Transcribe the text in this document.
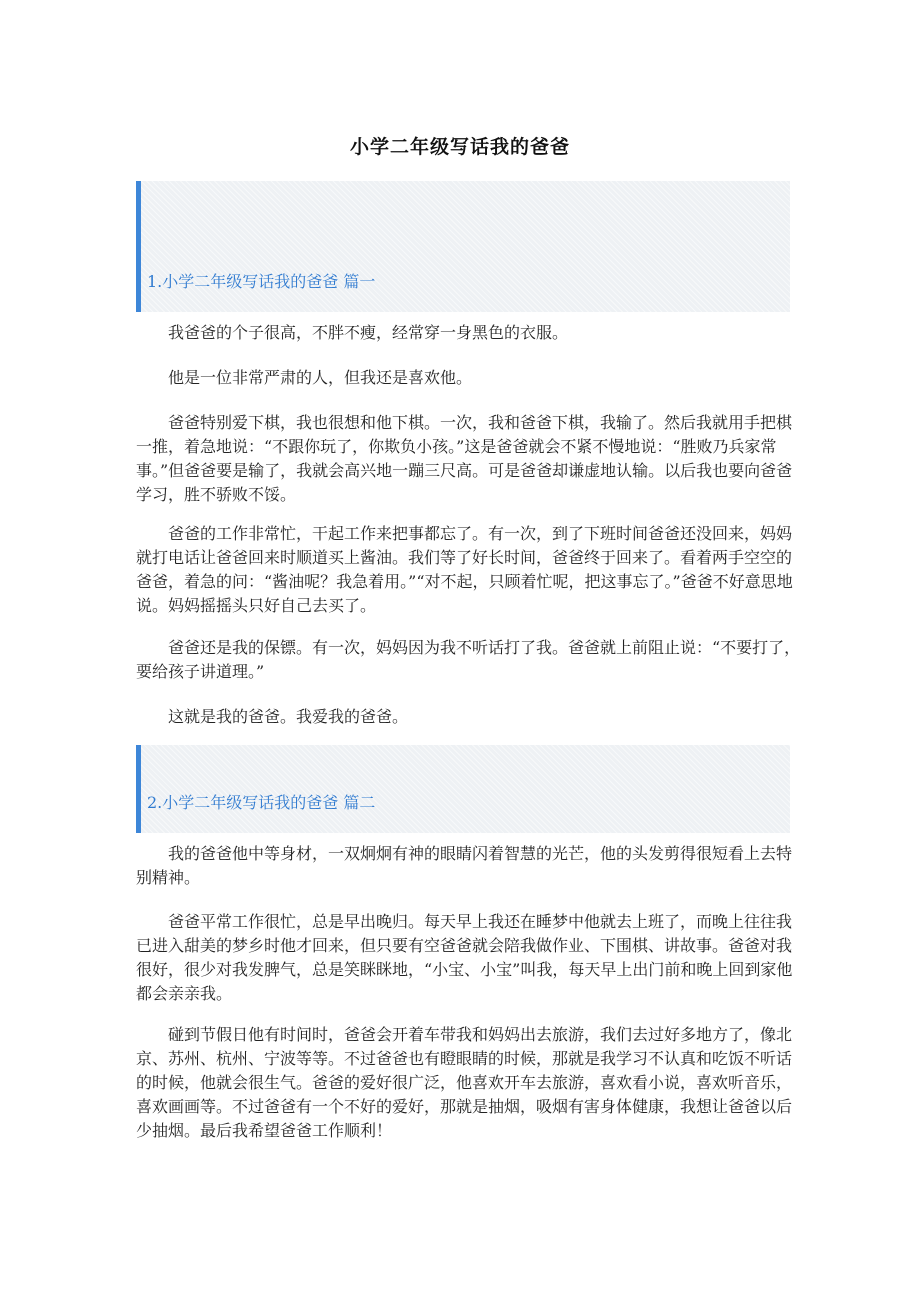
小学二年级写话我的爸爸
1.小学二年级写话我的爸爸 篇一

我爸爸的个子很高，不胖不瘦，经常穿一身黑色的衣服。

他是一位非常严肃的人，但我还是喜欢他。

爸爸特别爱下棋，我也很想和他下棋。一次，我和爸爸下棋，我输了。然后我就用手把棋一推，着急地说：“不跟你玩了，你欺负小孩。”这是爸爸就会不紧不慢地说：“胜败乃兵家常事。”但爸爸要是输了，我就会高兴地一蹦三尺高。可是爸爸却谦虚地认输。以后我也要向爸爸学习，胜不骄败不馁。

爸爸的工作非常忙，干起工作来把事都忘了。有一次，到了下班时间爸爸还没回来，妈妈就打电话让爸爸回来时顺道买上酱油。我们等了好长时间，爸爸终于回来了。看着两手空空的爸爸，着急的问：“酱油呢？我急着用。”“对不起，只顾着忙呢，把这事忘了。”爸爸不好意思地说。妈妈摇摇头只好自己去买了。

爸爸还是我的保镖。有一次，妈妈因为我不听话打了我。爸爸就上前阻止说：“不要打了，要给孩子讲道理。”

这就是我的爸爸。我爱我的爸爸。

2.小学二年级写话我的爸爸 篇二

我的爸爸他中等身材，一双炯炯有神的眼睛闪着智慧的光芒，他的头发剪得很短看上去特别精神。

爸爸平常工作很忙，总是早出晚归。每天早上我还在睡梦中他就去上班了，而晚上往往我已进入甜美的梦乡时他才回来，但只要有空爸爸就会陪我做作业、下围棋、讲故事。爸爸对我很好，很少对我发脾气，总是笑眯眯地，“小宝、小宝”叫我，每天早上出门前和晚上回到家他都会亲亲我。

碰到节假日他有时间时，爸爸会开着车带我和妈妈出去旅游，我们去过好多地方了，像北京、苏州、杭州、宁波等等。不过爸爸也有瞪眼睛的时候，那就是我学习不认真和吃饭不听话的时候，他就会很生气。爸爸的爱好很广泛，他喜欢开车去旅游，喜欢看小说，喜欢听音乐，喜欢画画等。不过爸爸有一个不好的爱好，那就是抽烟，吸烟有害身体健康，我想让爸爸以后少抽烟。最后我希望爸爸工作顺利！
